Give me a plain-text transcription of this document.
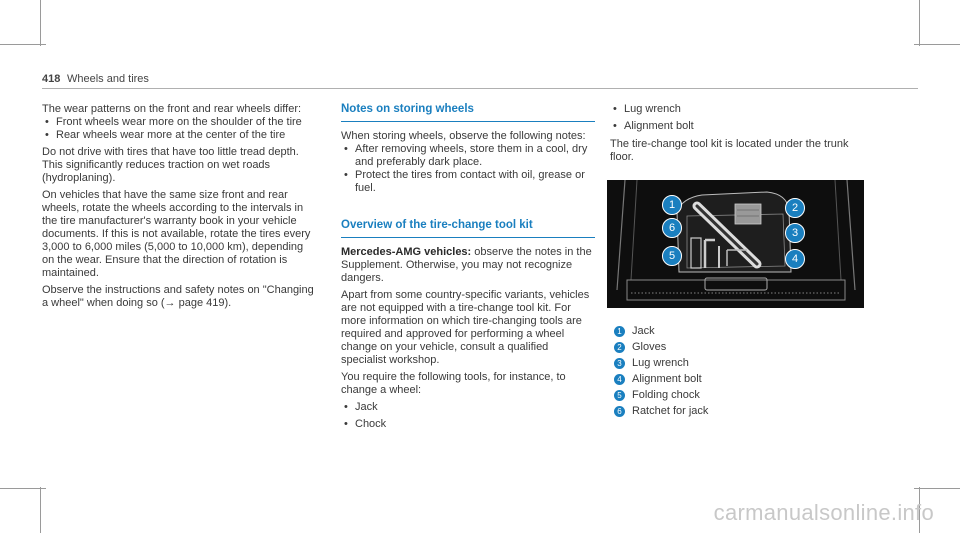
418 Wheels and tires

The wear patterns on the front and rear wheels differ:

• Front wheels wear more on the shoulder of the tire
• Rear wheels wear more at the center of the tire

Do not drive with tires that have too little tread depth. This significantly reduces traction on wet roads (hydroplaning).

On vehicles that have the same size front and rear wheels, rotate the wheels according to the intervals in the tire manufacturer's warranty book in your vehicle documents. If this is not available, rotate the tires every 3,000 to 6,000 miles (5,000 to 10,000 km), depending on the wear. Ensure that the direction of rotation is maintained.

Observe the instructions and safety notes on "Changing a wheel" when doing so (→ page 419).

Notes on storing wheels

When storing wheels, observe the following notes:

• After removing wheels, store them in a cool, dry and preferably dark place.
• Protect the tires from contact with oil, grease or fuel.
Overview of the tire-change tool kit

Mercedes-AMG vehicles: observe the notes in the Supplement. Otherwise, you may not recognize dangers.

Apart from some country-specific variants, vehicles are not equipped with a tire-change tool kit. For more information on which tire-changing tools are required and approved for performing a wheel change on your vehicle, consult a qualified specialist workshop.

You require the following tools, for instance, to change a wheel:

• Jack
• Chock
• Lug wrench
• Alignment bolt

The tire-change tool kit is located under the trunk floor.

1	2
3
4
5
6
1 Jack
2 Gloves
3 Lug wrench
4 Alignment bolt
5 Folding chock
6 Ratchet for jack
carmanualsonline.info
